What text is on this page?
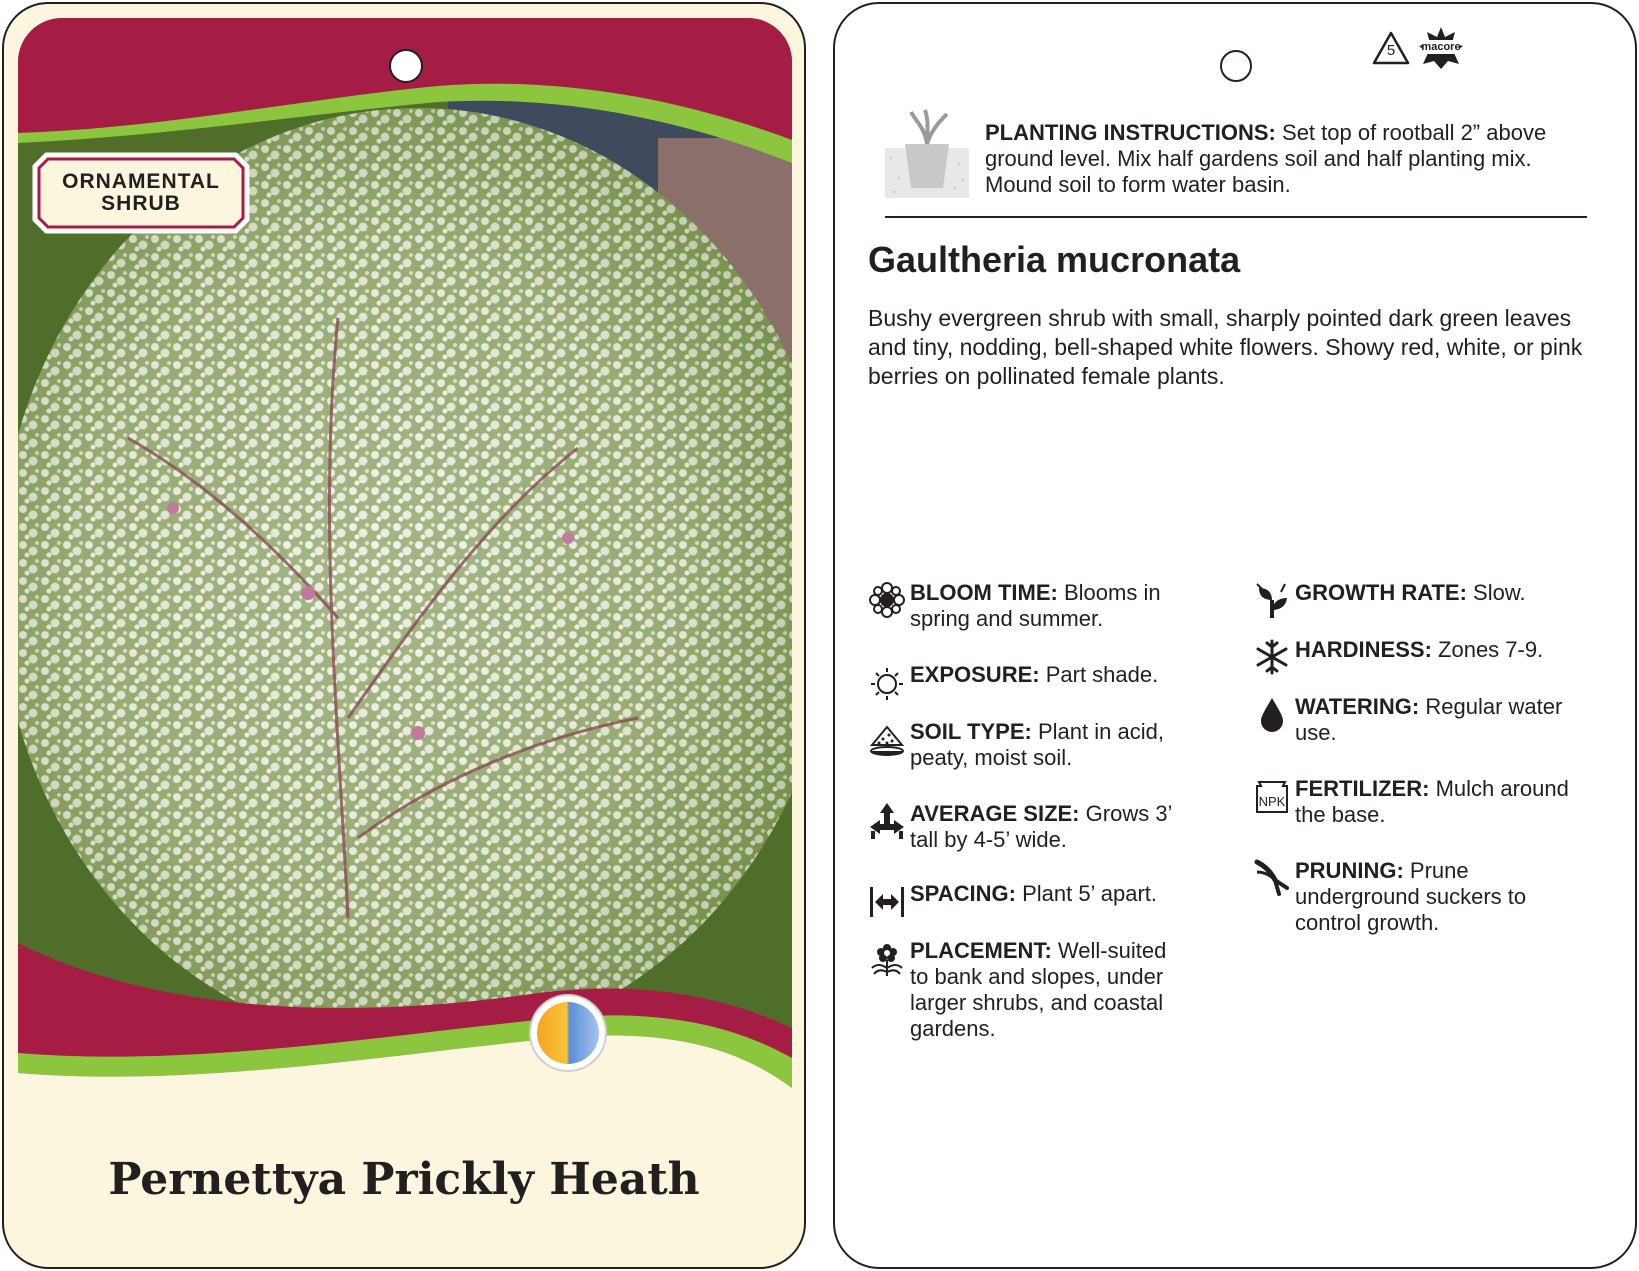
ORNAMENTAL
SHRUB
Pernettya Prickly Heath
5	macore
PLANTING INSTRUCTIONS: Set top of rootball 2” above ground level. Mix half gardens soil and half planting mix. Mound soil to form water basin.
Gaultheria mucronata
Bushy evergreen shrub with small, sharply pointed dark green leaves and tiny, nodding, bell-shaped white flowers. Showy red, white, or pink berries on pollinated female plants.
BLOOM TIME: Blooms in spring and summer.
EXPOSURE: Part shade.
SOIL TYPE: Plant in acid, peaty, moist soil.
AVERAGE SIZE: Grows 3’ tall by 4-5’ wide.
SPACING: Plant 5’ apart.
PLACEMENT: Well-suited to bank and slopes, under larger shrubs, and coastal gardens.
GROWTH RATE: Slow.
HARDINESS: Zones 7-9.
WATERING: Regular water use.
NPK
FERTILIZER: Mulch around the base.
PRUNING: Prune underground suckers to control growth.
